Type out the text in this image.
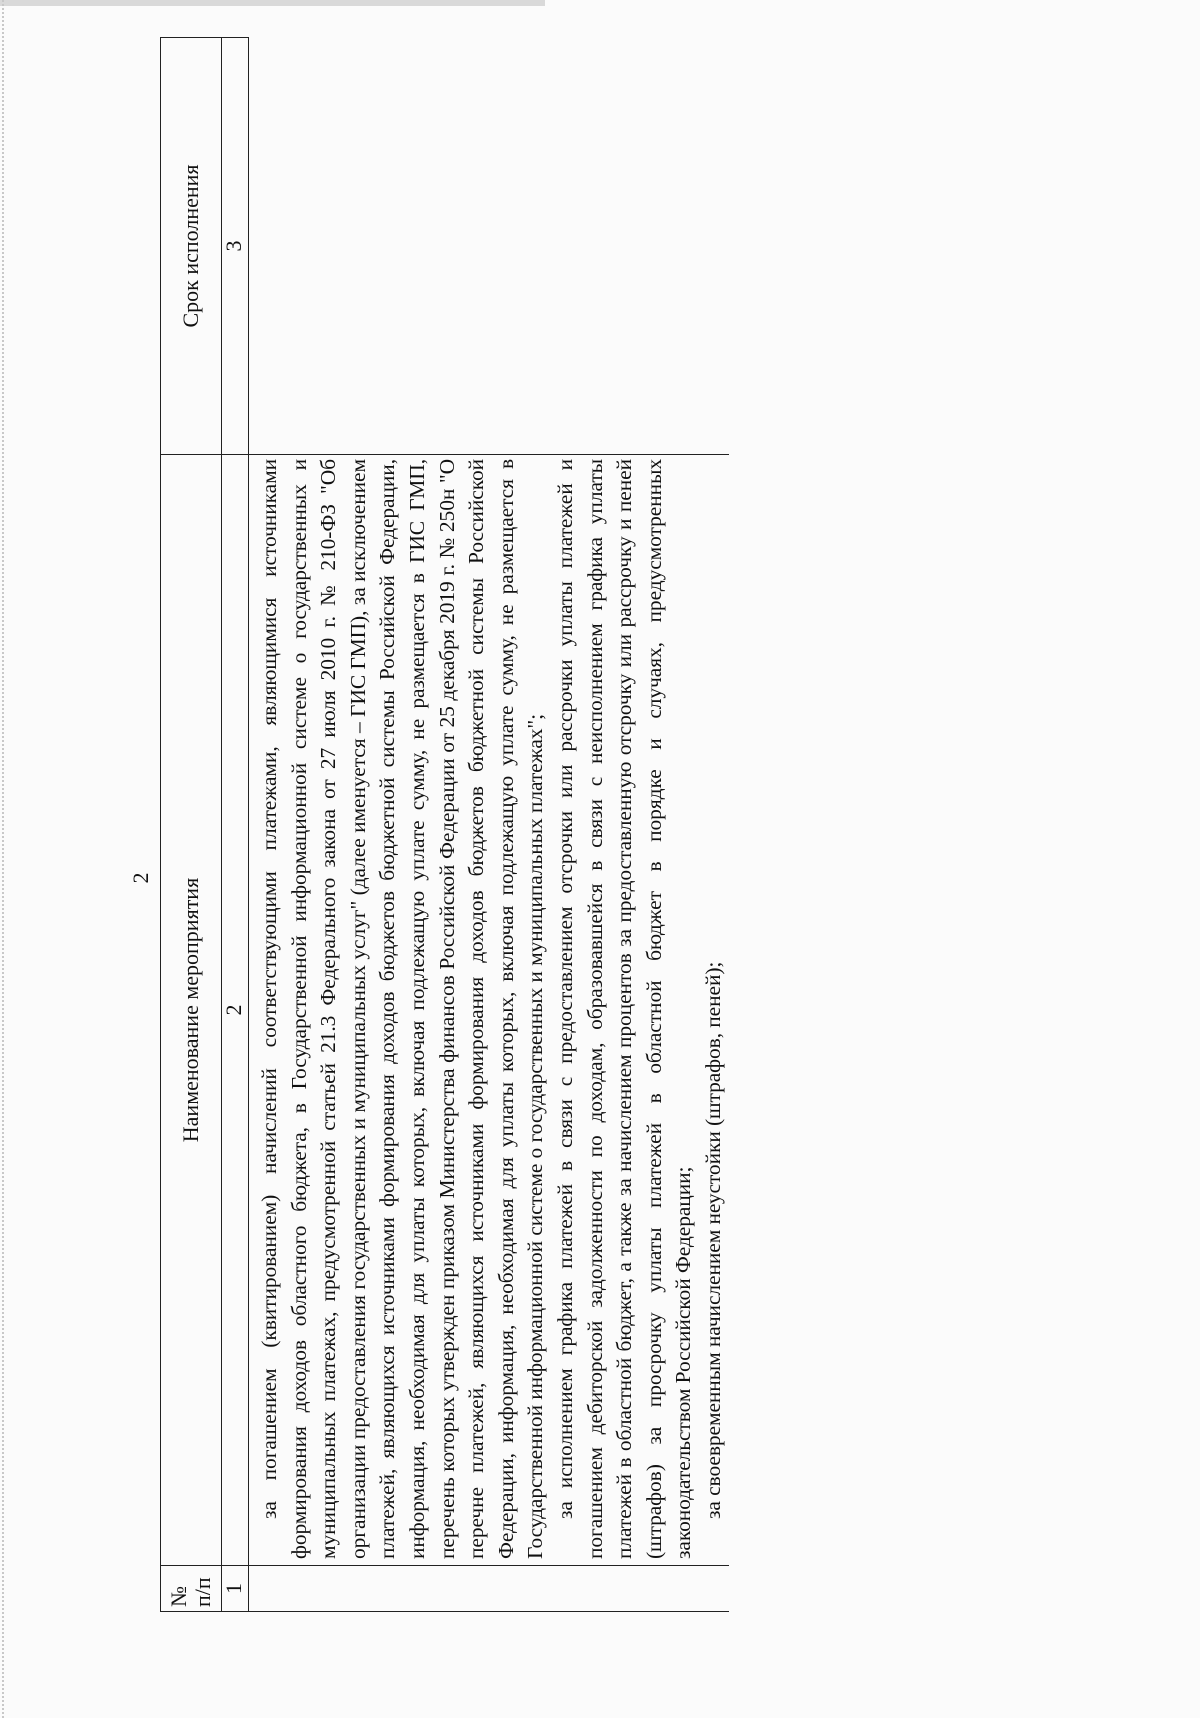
2
№ п/п	Наименование мероприятия	Срок исполнения
1	2	3

	за погашением (квитированием) начислений соответствующими платежами, являющимися источниками формирования доходов областного бюджета, в Государственной информационной системе о государственных и муниципальных платежах, предусмотренной статьей 21.3 Федерального закона от 27 июля 2010 г. № 210-ФЗ "Об организации предоставления государственных и муниципальных услуг" (далее именуется – ГИС ГМП), за исключением платежей, являющихся источниками формирования доходов бюджетов бюджетной системы Российской Федерации, информация, необходимая для уплаты которых, включая подлежащую уплате сумму, не размещается в ГИС ГМП, перечень которых утвержден приказом Министерства финансов Российской Федерации от 25 декабря 2019 г. № 250н "О перечне платежей, являющихся источниками формирования доходов бюджетов бюджетной системы Российской Федерации, информация, необходимая для уплаты которых, включая подлежащую уплате сумму, не размещается в Государственной информационной системе о государственных и муниципальных платежах"; за исполнением графика платежей в связи с предоставлением отсрочки или рассрочки уплаты платежей и погашением дебиторской задолженности по доходам, образовавшейся в связи с неисполнением графика уплаты платежей в областной бюджет, а также за начислением процентов за предоставленную отсрочку или рассрочку и пеней (штрафов) за просрочку уплаты платежей в областной бюджет в порядке и случаях, предусмотренных законодательством Российской Федерации; за своевременным начислением неустойки (штрафов, пеней);	
